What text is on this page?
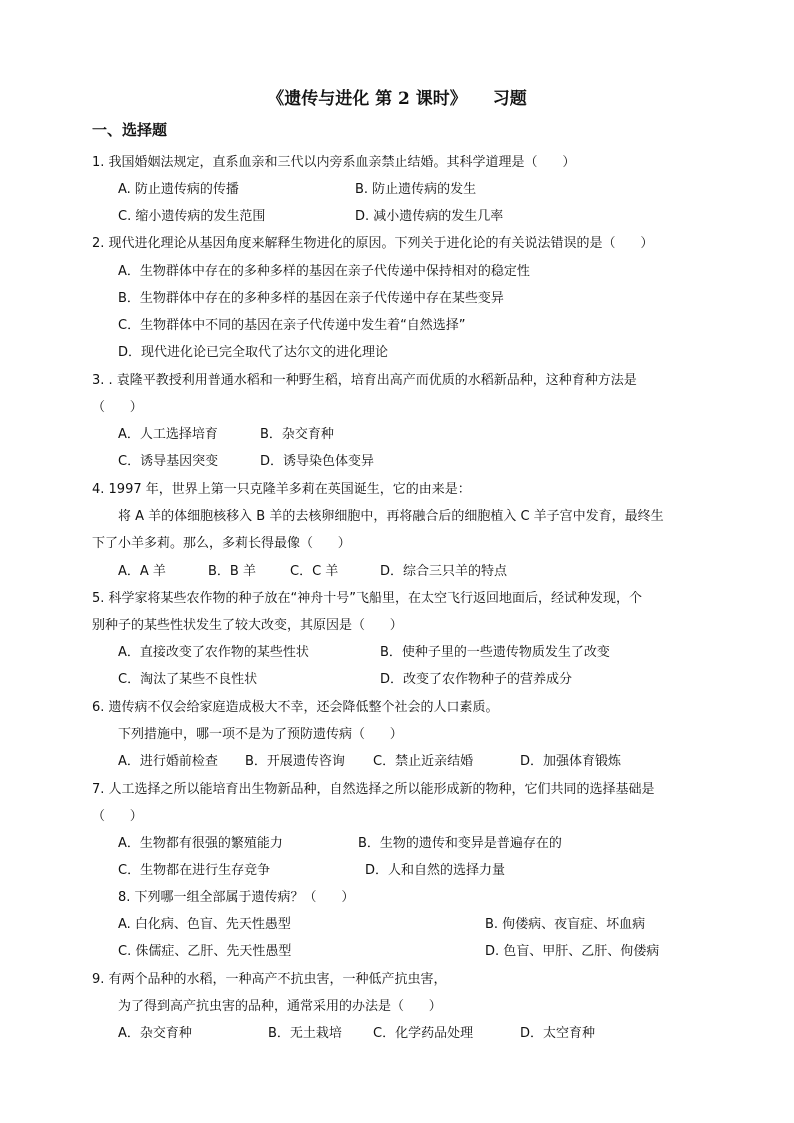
《遗传与进化 第 2 课时》 习题
一、选择题
1. 我国婚姻法规定，直系血亲和三代以内旁系血亲禁止结婚。其科学道理是（      ）
A. 防止遗传病的传播	B. 防止遗传病的发生
C. 缩小遗传病的发生范围	D. 减小遗传病的发生几率
2. 现代进化理论从基因角度来解释生物进化的原因。下列关于进化论的有关说法错误的是（      ）
A．生物群体中存在的多种多样的基因在亲子代传递中保持相对的稳定性
B．生物群体中存在的多种多样的基因在亲子代传递中存在某些变异
C．生物群体中不同的基因在亲子代传递中发生着“自然选择”
D．现代进化论已完全取代了达尔文的进化理论
3. . 袁隆平教授利用普通水稻和一种野生稻，培育出高产而优质的水稻新品种，这种育种方法是
（      ）
A．人工选择培育	B．杂交育种
C．诱导基因突变	D．诱导染色体变异
4. 1997 年，世界上第一只克隆羊多莉在英国诞生，它的由来是：
将 A 羊的体细胞核移入 B 羊的去核卵细胞中，再将融合后的细胞植入 C 羊子宫中发育，最终生
下了小羊多莉。那么，多莉长得最像（      ）
A．A 羊	B．B 羊	C．C 羊	D．综合三只羊的特点
5. 科学家将某些农作物的种子放在“神舟十号”飞船里，在太空飞行返回地面后，经试种发现，个
别种子的某些性状发生了较大改变，其原因是（      ）
A．直接改变了农作物的某些性状	B．使种子里的一些遗传物质发生了改变
C．淘汰了某些不良性状	D．改变了农作物种子的营养成分
6. 遗传病不仅会给家庭造成极大不幸，还会降低整个社会的人口素质。
下列措施中，哪一项不是为了预防遗传病（      ）
A．进行婚前检查 B．开展遗传咨询 C．禁止近亲结婚	D．加强体育锻炼
7. 人工选择之所以能培育出生物新品种，自然选择之所以能形成新的物种，它们共同的选择基础是
（      ）
A．生物都有很强的繁殖能力	B．生物的遗传和变异是普遍存在的
C．生物都在进行生存竞争	D．人和自然的选择力量
8. 下列哪一组全部属于遗传病？（      ）
A. 白化病、色盲、先天性愚型	B. 佝偻病、夜盲症、坏血病
C. 侏儒症、乙肝、先天性愚型	D. 色盲、甲肝、乙肝、佝偻病
9. 有两个品种的水稻，一种高产不抗虫害，一种低产抗虫害，
为了得到高产抗虫害的品种，通常采用的办法是（      ）
A．杂交育种	B．无土栽培 C．化学药品处理	D．太空育种
